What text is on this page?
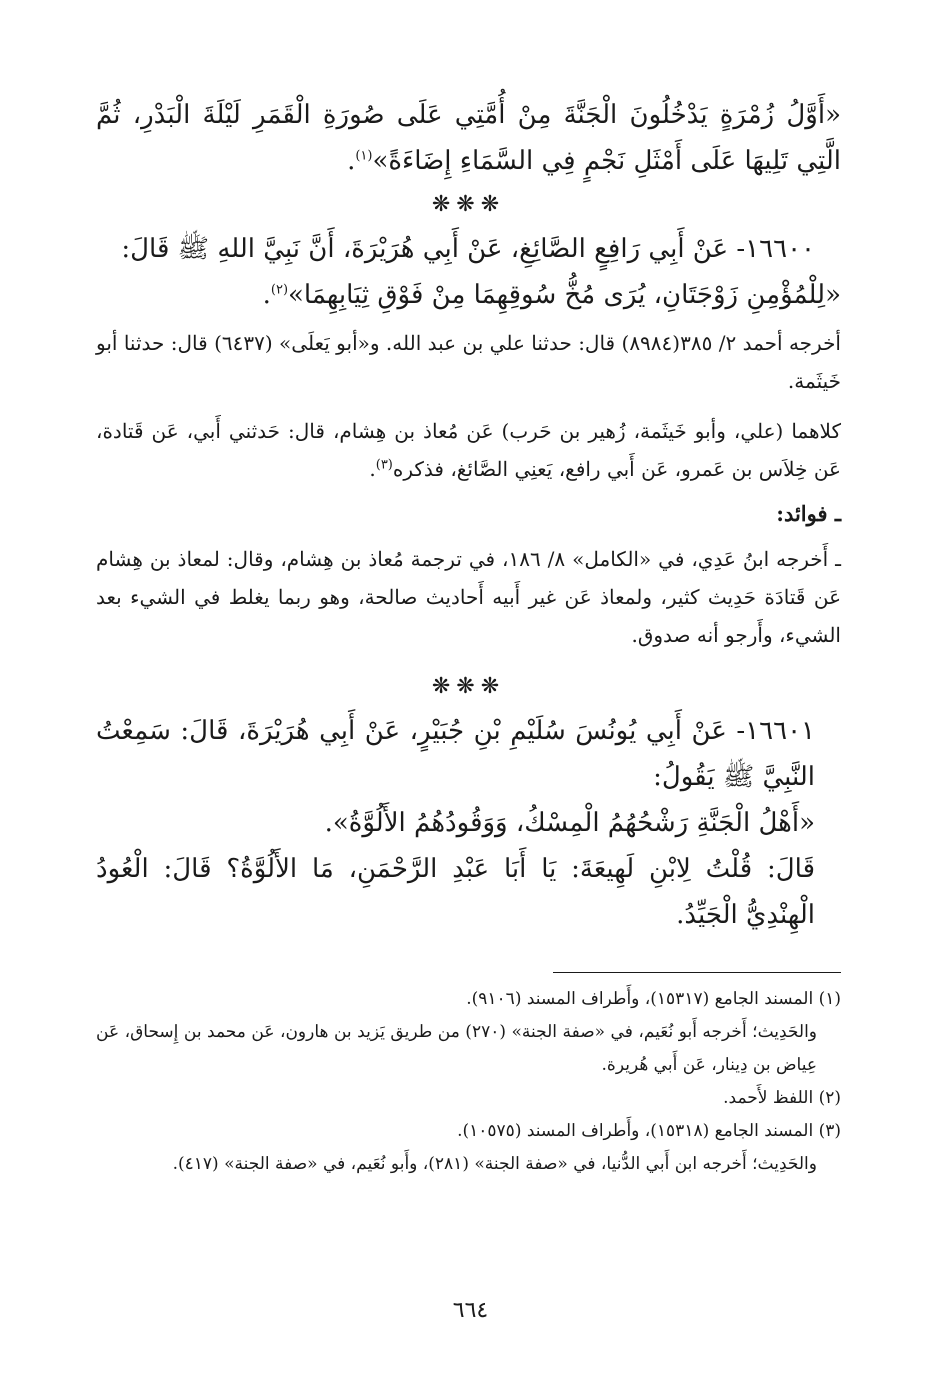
«أَوَّلُ زُمْرَةٍ يَدْخُلُونَ الْجَنَّةَ مِنْ أُمَّتِي عَلَى صُورَةِ الْقَمَرِ لَيْلَةَ الْبَدْرِ، ثُمَّ الَّتِي تَلِيهَا عَلَى أَمْثَلِ نَجْمٍ فِي السَّمَاءِ إِضَاءَةً»$^{(١)}$.

❋❋❋

١٦٦٠٠- عَنْ أَبِي رَافِعٍ الصَّائِغِ، عَنْ أَبِي هُرَيْرَةَ، أَنَّ نَبِيَّ اللهِ ﷺ قَالَ:

«لِلْمُؤْمِنِ زَوْجَتَانِ، يُرَى مُخُّ سُوقِهِمَا مِنْ فَوْقِ ثِيَابِهِمَا»$^{(٢)}$.

أخرجه أحمد ٢/ ٣٨٥(٨٩٨٤) قال: حدثنا علي بن عبد الله. و«أبو يَعلَى» (٦٤٣٧) قال: حدثنا أبو خَيثَمة.

كلاهما (علي، وأبو خَيثَمة، زُهير بن حَرب) عَن مُعاذ بن هِشام، قال: حَدثني أَبي، عَن قَتادة، عَن خِلاَس بن عَمرو، عَن أَبي رافع، يَعنِي الصَّائغ، فذكره$^{(٣)}$.

ـ فوائد:

ـ أَخرجه ابنُ عَدِي، في «الكامل» ٨/ ١٨٦، في ترجمة مُعاذ بن هِشام، وقال: لمعاذ بن هِشام عَن قَتادَة حَدِيث كثير، ولمعاذ عَن غير أَبيه أَحاديث صالحة، وهو ربما يغلط في الشيء بعد الشيء، وأَرجو أنه صدوق.

❋❋❋

١٦٦٠١- عَنْ أَبِي يُونُسَ سُلَيْمِ بْنِ جُبَيْرٍ، عَنْ أَبِي هُرَيْرَةَ، قَالَ: سَمِعْتُ النَّبِيَّ ﷺ يَقُولُ:

«أَهْلُ الْجَنَّةِ رَشْحُهُمُ الْمِسْكُ، وَوَقُودُهُمُ الأَلُوَّةُ».

قَالَ: قُلْتُ لِابْنِ لَهِيعَةَ: يَا أَبَا عَبْدِ الرَّحْمَنِ، مَا الأَلُوَّةُ؟ قَالَ: الْعُودُ الْهِنْدِيُّ الْجَيِّدُ.

(١) المسند الجامع (١٥٣١٧)، وأَطراف المسند (٩١٠٦).

والحَدِيث؛ أَخرجه أَبو نُعَيم، في «صفة الجنة» (٢٧٠) من طريق يَزيد بن هارون، عَن محمد بن إِسحاق، عَن عِياض بن دِينار، عَن أَبي هُريرة.

(٢) اللفظ لأَحمد.

(٣) المسند الجامع (١٥٣١٨)، وأَطراف المسند (١٠٥٧٥).

والحَدِيث؛ أَخرجه ابن أَبي الدُّنيا، في «صفة الجنة» (٢٨١)، وأَبو نُعَيم، في «صفة الجنة» (٤١٧).

٦٦٤
